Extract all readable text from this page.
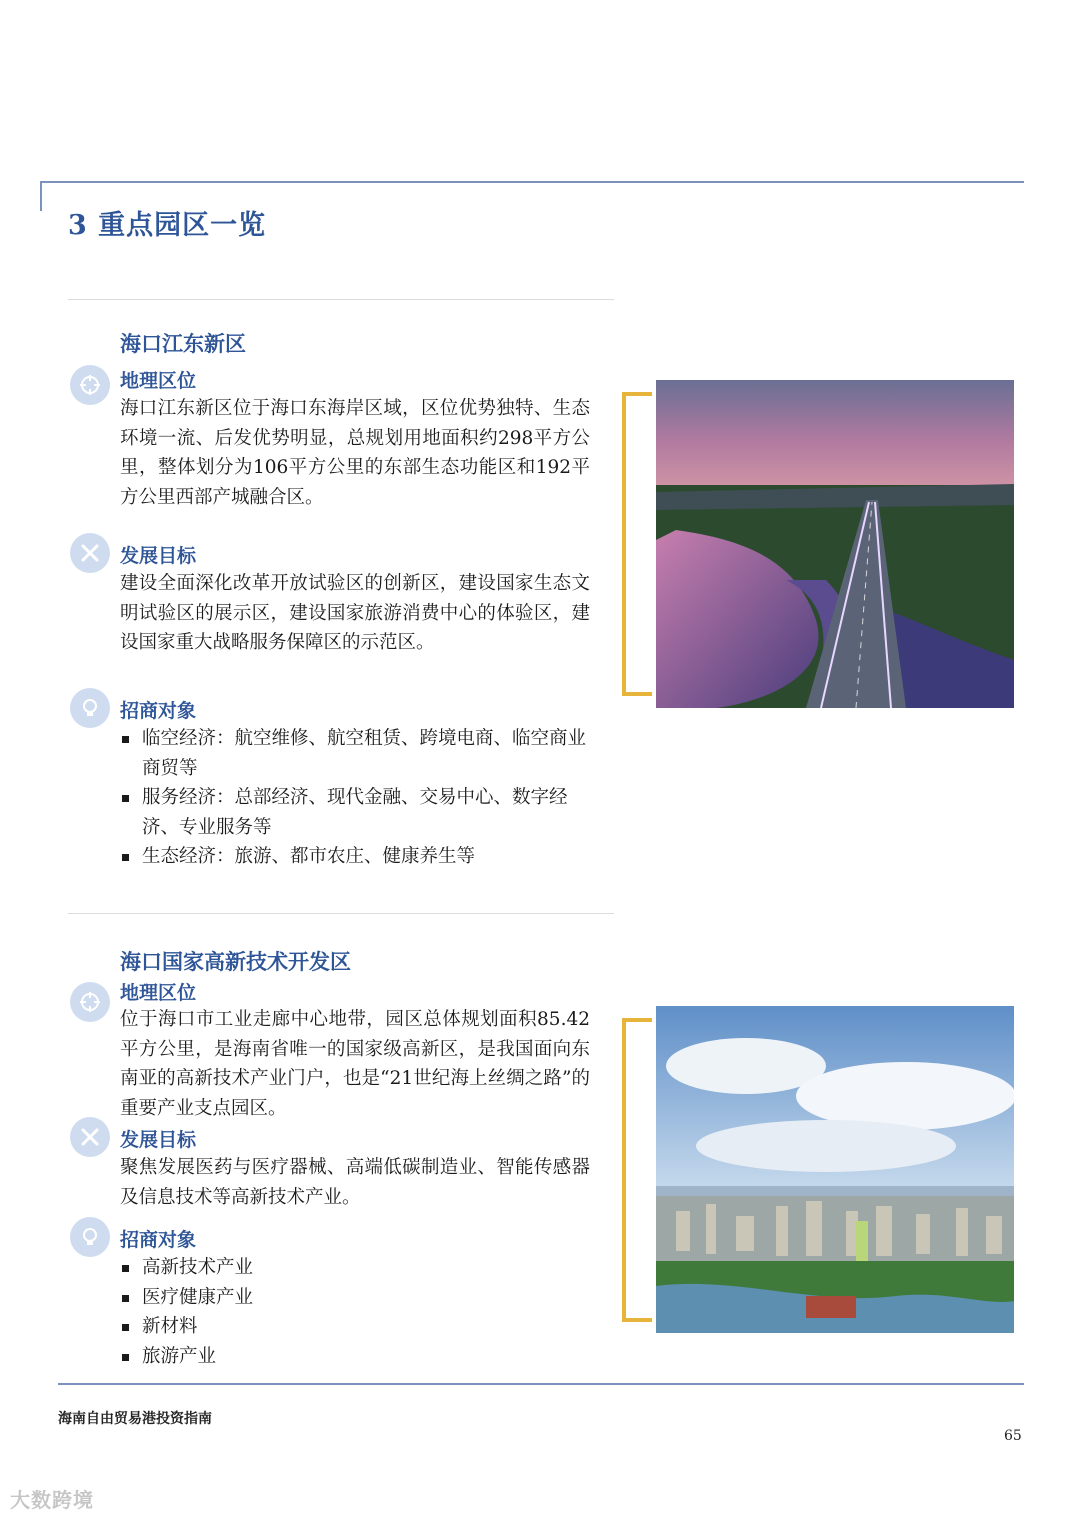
3 重点园区一览
海口江东新区
地理区位
海口江东新区位于海口东海岸区域，区位优势独特、生态环境一流、后发优势明显，总规划用地面积约298平方公里，整体划分为106平方公里的东部生态功能区和192平方公里西部产城融合区。
发展目标
建设全面深化改革开放试验区的创新区，建设国家生态文明试验区的展示区，建设国家旅游消费中心的体验区，建设国家重大战略服务保障区的示范区。
招商对象
临空经济：航空维修、航空租赁、跨境电商、临空商业商贸等
服务经济：总部经济、现代金融、交易中心、数字经济、专业服务等
生态经济：旅游、都市农庄、健康养生等
海口国家高新技术开发区
地理区位
位于海口市工业走廊中心地带，园区总体规划面积85.42平方公里，是海南省唯一的国家级高新区，是我国面向东南亚的高新技术产业门户，也是“21世纪海上丝绸之路”的重要产业支点园区。
发展目标
聚焦发展医药与医疗器械、高端低碳制造业、智能传感器及信息技术等高新技术产业。
招商对象
高新技术产业
医疗健康产业
新材料
旅游产业
海南自由贸易港投资指南
65
大数跨境
